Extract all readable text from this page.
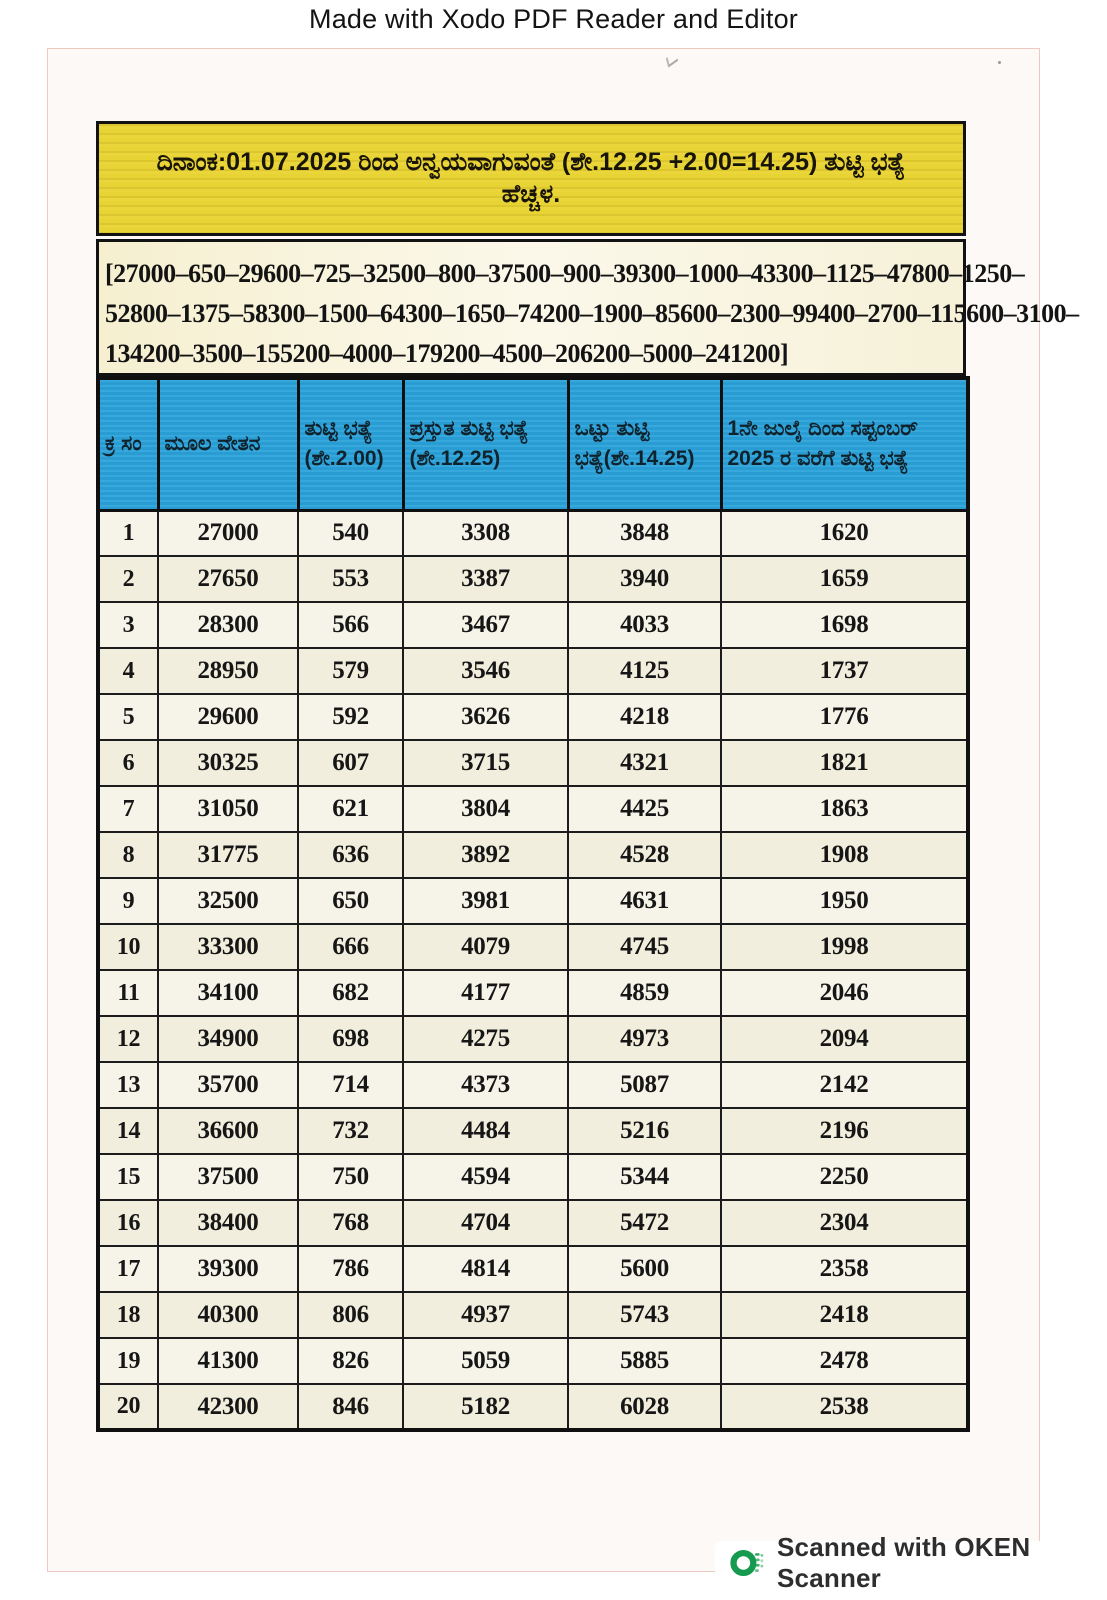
Made with Xodo PDF Reader and Editor
ದಿನಾಂಕ:01.07.2025 ರಿಂದ ಅನ್ವಯವಾಗುವಂತೆ (ಶೇ.12.25 +2.00=14.25) ತುಟ್ಟಿ ಭತ್ಯೆ ಹೆಚ್ಚಳ.

[27000–650–29600–725–32500–800–37500–900–39300–1000–43300–1125–47800–1250–

52800–1375–58300–1500–64300–1650–74200–1900–85600–2300–99400–2700–115600–3100–

134200–3500–155200–4000–179200–4500–206200–5000–241200]

ಕ್ರ ಸಂ	ಮೂಲ ವೇತನ	ತುಟ್ಟಿ ಭತ್ಯೆ (ಶೇ.2.00)	ಪ್ರಸ್ತುತ ತುಟ್ಟಿ ಭತ್ಯೆ (ಶೇ.12.25)	ಒಟ್ಟು ತುಟ್ಟಿ ಭತ್ಯೆ(ಶೇ.14.25)	1ನೇ ಜುಲೈ ದಿಂದ ಸಪ್ಟಂಬರ್ 2025 ರ ವರೆಗೆ ತುಟ್ಟಿ ಭತ್ಯೆ
1	27000	540	3308	3848	1620
2	27650	553	3387	3940	1659
3	28300	566	3467	4033	1698
4	28950	579	3546	4125	1737
5	29600	592	3626	4218	1776
6	30325	607	3715	4321	1821
7	31050	621	3804	4425	1863
8	31775	636	3892	4528	1908
9	32500	650	3981	4631	1950
10	33300	666	4079	4745	1998
11	34100	682	4177	4859	2046
12	34900	698	4275	4973	2094
13	35700	714	4373	5087	2142
14	36600	732	4484	5216	2196
15	37500	750	4594	5344	2250
16	38400	768	4704	5472	2304
17	39300	786	4814	5600	2358
18	40300	806	4937	5743	2418
19	41300	826	5059	5885	2478
20	42300	846	5182	6028	2538
Scanned with OKEN Scanner
